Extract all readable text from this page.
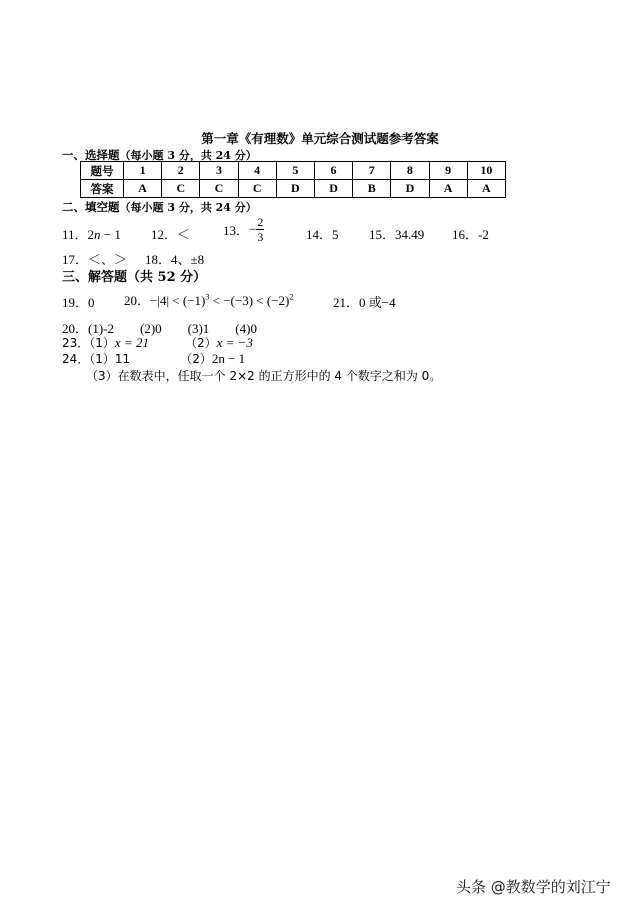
第一章《有理数》单元综合测试题参考答案
一、选择题（每小题 3 分，共 24 分）
题号	1	2	3	4	5	6	7	8	9	10
答案	A	C	C	C	D	D	B	D	A	A
二、填空题（每小题 3 分，共 24 分）
11．2n − 1 12．＜	13．− $\frac{2}{3}$	14．5 15．34.49 16．-2
17．＜、＞ 18．4、±8
三、解答题（共 52 分）
19．0 20．$-|4| < (-1)^3 < -(-3) < (-2)^2$	21．0 或−4
20．(1)-2　　(2)0　　(3)1　　(4)0
23．（1）x = 21	（2）x = −3
24．（1）11	（2）2n − 1
（3）在数表中，任取一个 2×2 的正方形中的 4 个数字之和为 0。
头条 @教数学的刘江宁
